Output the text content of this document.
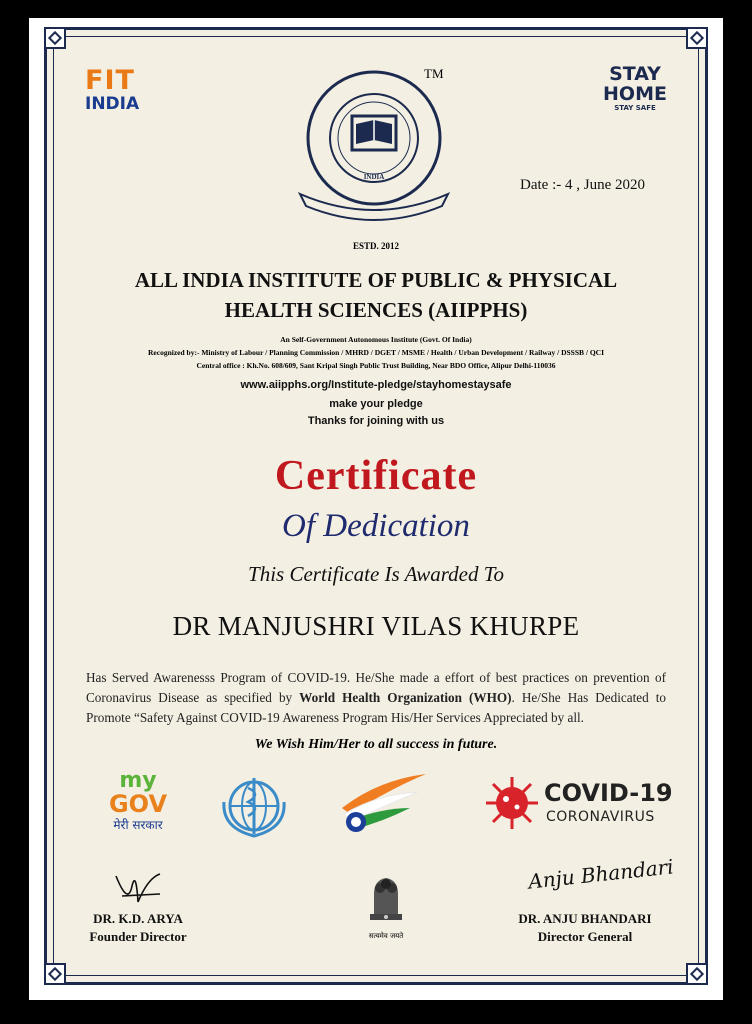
FIT
INDIA
STAY
HOME
STAY SAFE
INDIA
TM
Date :- 4 , June 2020
ESTD. 2012
ALL INDIA INSTITUTE OF PUBLIC & PHYSICAL
HEALTH SCIENCES (AIIPPHS)
An Self-Government Autonomous Institute (Govt. Of India)
Recognized by:- Ministry of Labour / Planning Commission / MHRD / DGET / MSME / Health / Urban Development / Railway / DSSSB / QCI
Central office : Kh.No. 608/609, Sant Kripal Singh Public Trust Building, Near BDO Office, Alipur Delhi-110036
www.aiipphs.org/Institute-pledge/stayhomestaysafe
make your pledge
Thanks for joining with us
Certificate
Of Dedication
This Certificate Is Awarded To
DR MANJUSHRI VILAS KHURPE
Has Served Awarenesss Program of COVID-19. He/She made a effort of best practices on prevention of Coronavirus Disease as specified by World Health Organization (WHO). He/She Has Dedicated to Promote “Safety Against COVID-19 Awareness Program His/Her Services Appreciated by all.
We Wish Him/Her to all success in future.
my
GOV
मेरी सरकार
COVID-19
CORONAVIRUS
DR. K.D. ARYA
Founder Director	सत्यमेव जयते
Anju Bhandari
DR. ANJU BHANDARI
Director General
